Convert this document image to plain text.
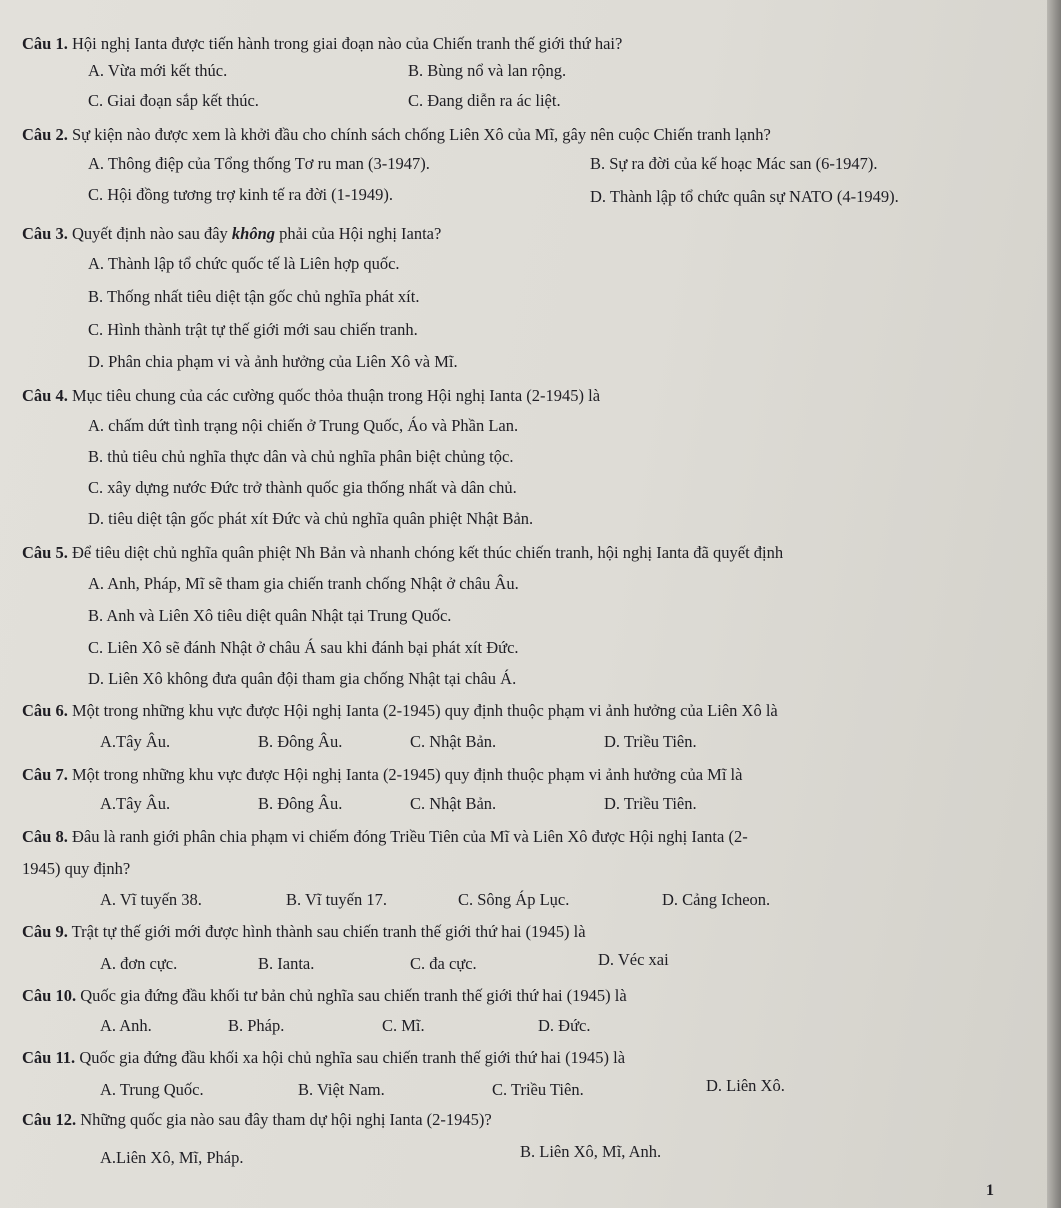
Câu 1. Hội nghị Ianta được tiến hành trong giai đoạn nào của Chiến tranh thế giới thứ hai?
A. Vừa mới kết thúc.	B. Bùng nổ và lan rộng.
C. Giai đoạn sắp kết thúc.	C. Đang diễn ra ác liệt.
Câu 2. Sự kiện nào được xem là khởi đầu cho chính sách chống Liên Xô của Mĩ, gây nên cuộc Chiến tranh lạnh?
A. Thông điệp của Tổng thống Tơ ru man (3-1947).	B. Sự ra đời của kế hoạc Mác san (6-1947).
C. Hội đồng tương trợ kinh tế ra đời (1-1949).	D. Thành lập tổ chức quân sự NATO (4-1949).
Câu 3. Quyết định nào sau đây không phải của Hội nghị Ianta?
A. Thành lập tổ chức quốc tế là Liên hợp quốc.
B. Thống nhất tiêu diệt tận gốc chủ nghĩa phát xít.
C. Hình thành trật tự thế giới mới sau chiến tranh.
D. Phân chia phạm vi và ảnh hưởng của Liên Xô và Mĩ.
Câu 4. Mục tiêu chung của các cường quốc thỏa thuận trong Hội nghị Ianta (2-1945) là
A. chấm dứt tình trạng nội chiến ở Trung Quốc, Áo và Phần Lan.
B. thủ tiêu chủ nghĩa thực dân và chủ nghĩa phân biệt chủng tộc.
C. xây dựng nước Đức trở thành quốc gia thống nhất và dân chủ.
D. tiêu diệt tận gốc phát xít Đức và chủ nghĩa quân phiệt Nhật Bản.
Câu 5. Để tiêu diệt chủ nghĩa quân phiệt Nh Bản và nhanh chóng kết thúc chiến tranh, hội nghị Ianta đã quyết định
A. Anh, Pháp, Mĩ sẽ tham gia chiến tranh chống Nhật ở châu Âu.
B. Anh và Liên Xô tiêu diệt quân Nhật tại Trung Quốc.
C. Liên Xô sẽ đánh Nhật ở châu Á sau khi đánh bại phát xít Đức.
D. Liên Xô không đưa quân đội tham gia chống Nhật tại châu Á.
Câu 6. Một trong những khu vực được Hội nghị Ianta (2-1945) quy định thuộc phạm vi ảnh hưởng của Liên Xô là
A.Tây Âu.	B. Đông Âu.	C. Nhật Bản.	D. Triều Tiên.
Câu 7. Một trong những khu vực được Hội nghị Ianta (2-1945) quy định thuộc phạm vi ảnh hưởng của Mĩ là
A.Tây Âu.	B. Đông Âu.	C. Nhật Bản.	D. Triều Tiên.
Câu 8. Đâu là ranh giới phân chia phạm vi chiếm đóng Triều Tiên của Mĩ và Liên Xô được Hội nghị Ianta (2-
1945) quy định?
A. Vĩ tuyến 38.	B. Vĩ tuyến 17.	C. Sông Áp Lục.	D. Cảng Icheon.
Câu 9. Trật tự thế giới mới được hình thành sau chiến tranh thế giới thứ hai (1945) là
A. đơn cực.	B. Ianta.	C. đa cực.	D. Véc xai
Câu 10. Quốc gia đứng đầu khối tư bản chủ nghĩa sau chiến tranh thế giới thứ hai (1945) là
A. Anh.	B. Pháp.	C. Mĩ.	D. Đức.
Câu 11. Quốc gia đứng đầu khối xa hội chủ nghĩa sau chiến tranh thế giới thứ hai (1945) là
A. Trung Quốc.	B. Việt Nam.	C. Triều Tiên.	D. Liên Xô.
Câu 12. Những quốc gia nào sau đây tham dự hội nghị Ianta (2-1945)?
A.Liên Xô, Mĩ, Pháp.	B. Liên Xô, Mĩ, Anh.
1
